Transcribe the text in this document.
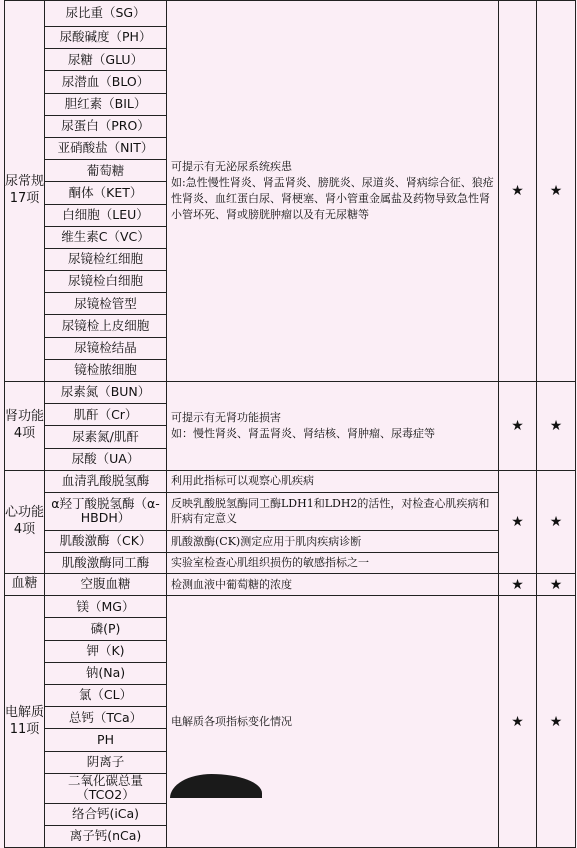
尿常规17项	尿比重（SG）	可提示有无泌尿系统疾患
如:急性慢性肾炎、肾盂肾炎、膀胱炎、尿道炎、肾病综合征、狼疮性肾炎、血红蛋白尿、肾梗塞、肾小管重金属盐及药物导致急性肾小管坏死、肾或膀胱肿瘤以及有无尿糖等	★	★
	尿酸碱度（PH）			
	尿糖（GLU）			
	尿潜血（BLO）			
	胆红素（BIL）			
	尿蛋白（PRO）			
	亚硝酸盐（NIT）			
	葡萄糖			
	酮体（KET）			
	白细胞（LEU）			
	维生素C（VC）			
	尿镜检红细胞			
	尿镜检白细胞			
	尿镜检管型			
	尿镜检上皮细胞			
	尿镜检结晶			
	镜检脓细胞			
肾功能4项	尿素氮（BUN）	可提示有无肾功能损害
如：慢性肾炎、肾盂肾炎、肾结核、肾肿瘤、尿毒症等	★	★
	肌酐（Cr）			
	尿素氮/肌酐			
	尿酸（UA）			
心功能4项	血清乳酸脱氢酶	利用此指标可以观察心肌疾病	★	★
	α羟丁酸脱氢酶（α-HBDH）	反映乳酸脱氢酶同工酶LDH1和LDH2的活性，对检查心肌疾病和肝病有定意义		
	肌酸激酶（CK）	肌酸激酶(CK)测定应用于肌肉疾病诊断		
	肌酸激酶同工酶	实验室检查心肌组织损伤的敏感指标之一		
血糖	空腹血糖	检测血液中葡萄糖的浓度	★	★
电解质11项	镁（MG）	电解质各项指标变化情况	★	★
	磷(P)			
	钾（K)			
	钠(Na)			
	氯（CL）			
	总钙（TCa）			
	PH			
	阴离子			
	二氧化碳总量（TCO2）			
	络合钙(iCa)			
	离子钙(nCa)			
